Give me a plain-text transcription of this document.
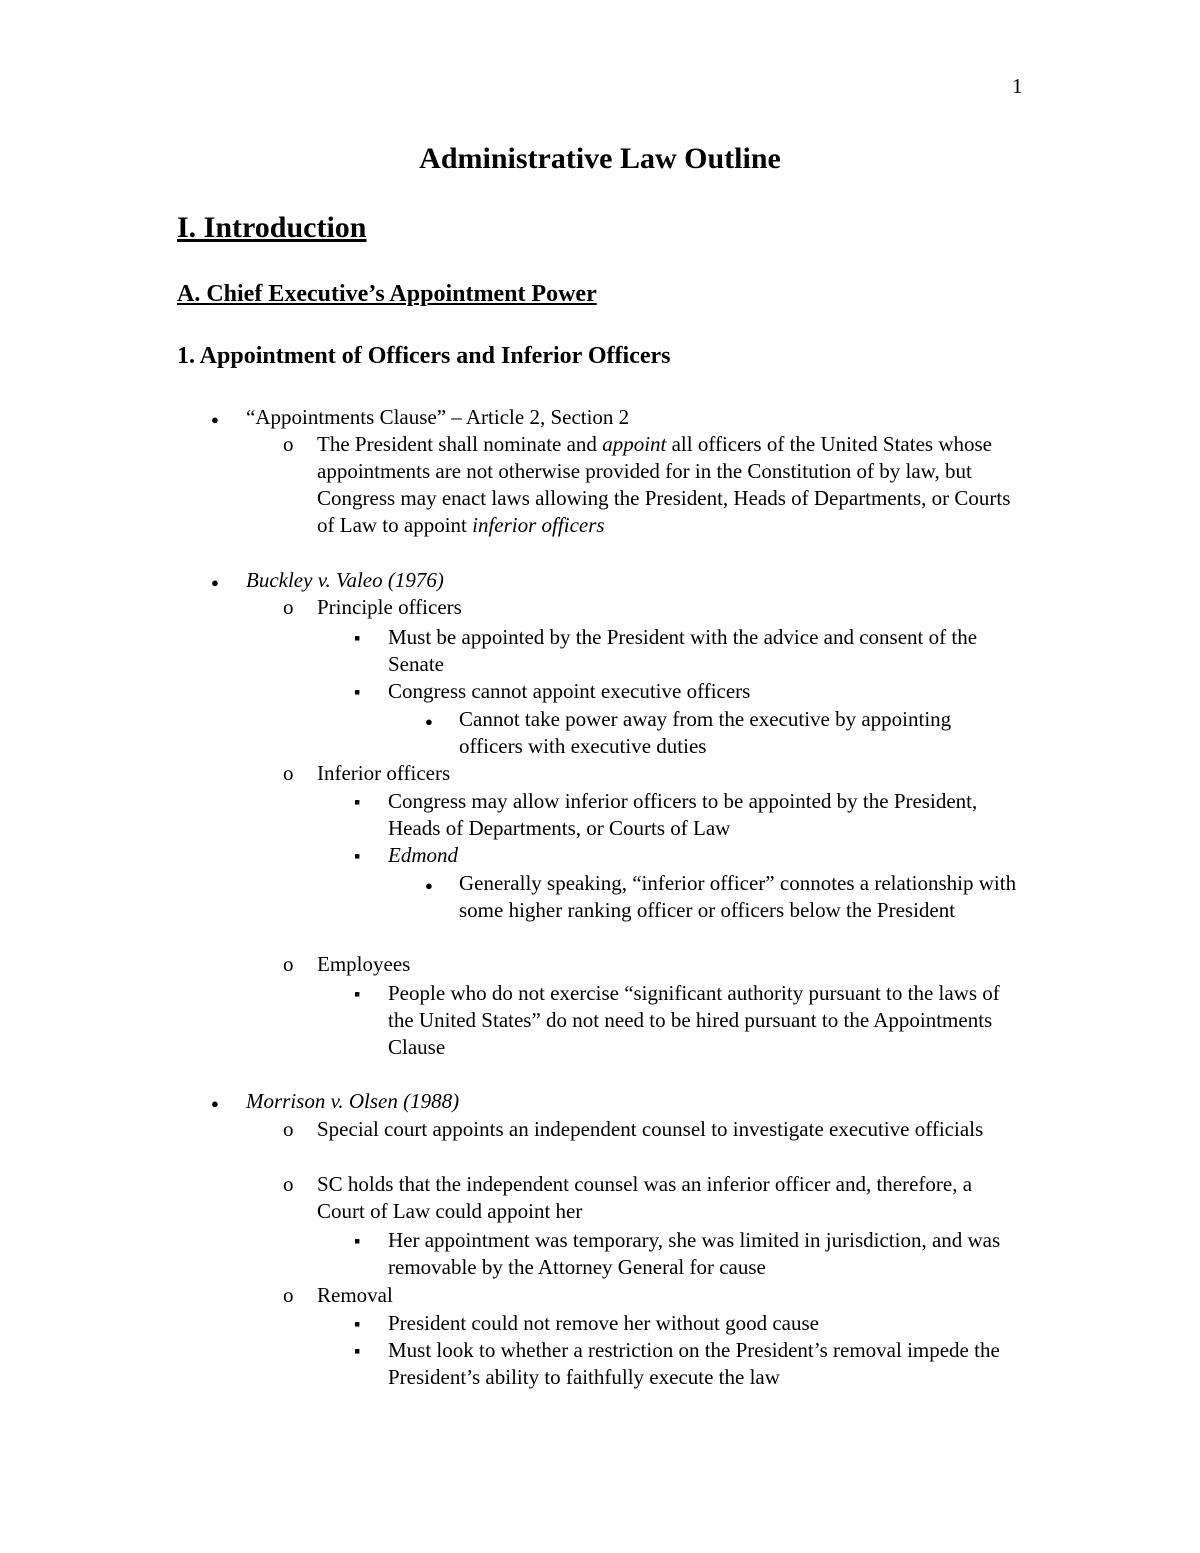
1
Administrative Law Outline
I. Introduction
A. Chief Executive’s Appointment Power
1. Appointment of Officers and Inferior Officers
●
“Appointments Clause” – Article 2, Section 2
o
The President shall nominate and appoint all officers of the United States whose appointments are not otherwise provided for in the Constitution of by law, but Congress may enact laws allowing the President, Heads of Departments, or Courts of Law to appoint inferior officers
●
Buckley v. Valeo (1976)
o
Principle officers
▪
Must be appointed by the President with the advice and consent of the Senate
▪
Congress cannot appoint executive officers
●
Cannot take power away from the executive by appointing officers with executive duties
o
Inferior officers
▪
Congress may allow inferior officers to be appointed by the President, Heads of Departments, or Courts of Law
▪
Edmond
●
Generally speaking, “inferior officer” connotes a relationship with some higher ranking officer or officers below the President
o
Employees
▪
People who do not exercise “significant authority pursuant to the laws of the United States” do not need to be hired pursuant to the Appointments Clause
●
Morrison v. Olsen (1988)
o
Special court appoints an independent counsel to investigate executive officials
o
SC holds that the independent counsel was an inferior officer and, therefore, a Court of Law could appoint her
▪
Her appointment was temporary, she was limited in jurisdiction, and was removable by the Attorney General for cause
o
Removal
▪
President could not remove her without good cause
▪
Must look to whether a restriction on the President’s removal impede the President’s ability to faithfully execute the law
